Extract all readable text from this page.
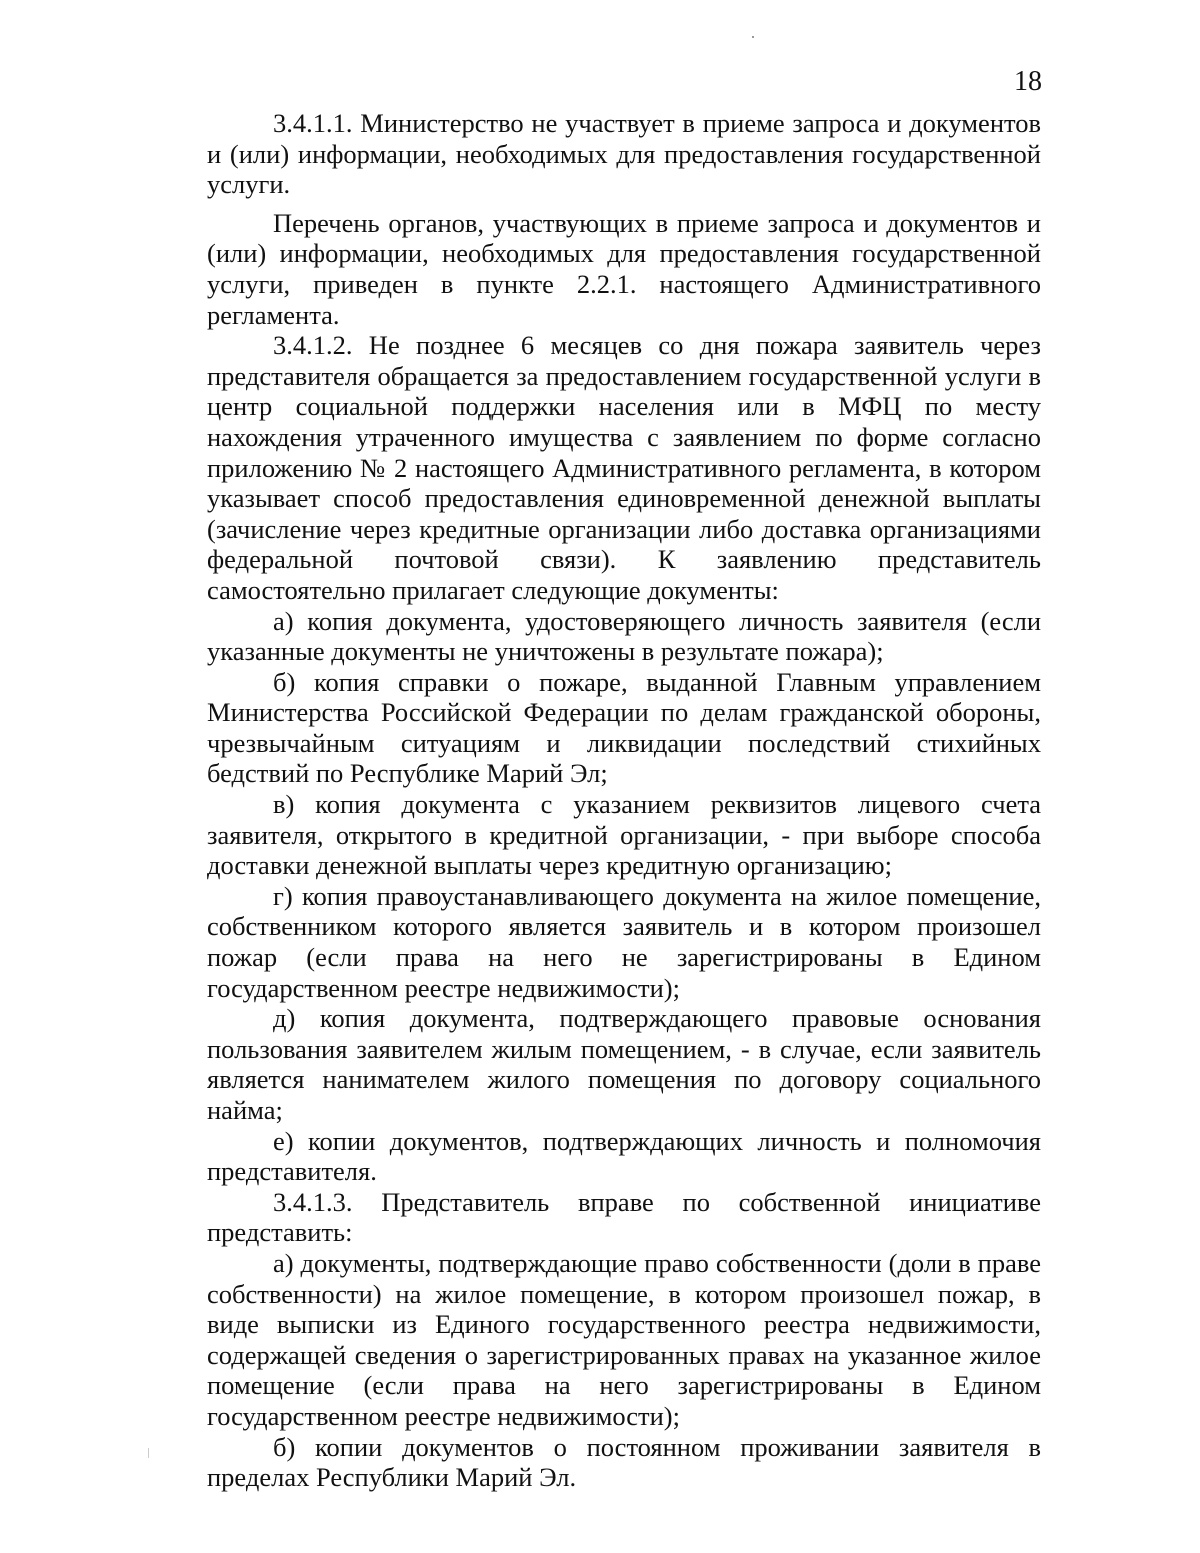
18

3.4.1.1. Министерство не участвует в приеме запроса и документов и (или) информации, необходимых для предоставления государственной услуги.

Перечень органов, участвующих в приеме запроса и документов и (или) информации, необходимых для предоставления государственной услуги, приведен в пункте 2.2.1. настоящего Административного регламента.

3.4.1.2. Не позднее 6 месяцев со дня пожара заявитель через представителя обращается за предоставлением государственной услуги в центр социальной поддержки населения или в МФЦ по месту нахождения утраченного имущества с заявлением по форме согласно приложению № 2 настоящего Административного регламента, в котором указывает способ предоставления единовременной денежной выплаты (зачисление через кредитные организации либо доставка организациями федеральной почтовой связи). К заявлению представитель самостоятельно прилагает следующие документы:

а) копия документа, удостоверяющего личность заявителя (если указанные документы не уничтожены в результате пожара);

б) копия справки о пожаре, выданной Главным управлением Министерства Российской Федерации по делам гражданской обороны, чрезвычайным ситуациям и ликвидации последствий стихийных бедствий по Республике Марий Эл;

в) копия документа с указанием реквизитов лицевого счета заявителя, открытого в кредитной организации, - при выборе способа доставки денежной выплаты через кредитную организацию;

г) копия правоустанавливающего документа на жилое помещение, собственником которого является заявитель и в котором произошел пожар (если права на него не зарегистрированы в Едином государственном реестре недвижимости);

д) копия документа, подтверждающего правовые основания пользования заявителем жилым помещением, - в случае, если заявитель является нанимателем жилого помещения по договору социального найма;

е) копии документов, подтверждающих личность и полномочия представителя.

3.4.1.3. Представитель вправе по собственной инициативе представить:

а) документы, подтверждающие право собственности (доли в праве собственности) на жилое помещение, в котором произошел пожар, в виде выписки из Единого государственного реестра недвижимости, содержащей сведения о зарегистрированных правах на указанное жилое помещение (если права на него зарегистрированы в Едином государственном реестре недвижимости);

б) копии документов о постоянном проживании заявителя в пределах Республики Марий Эл.
